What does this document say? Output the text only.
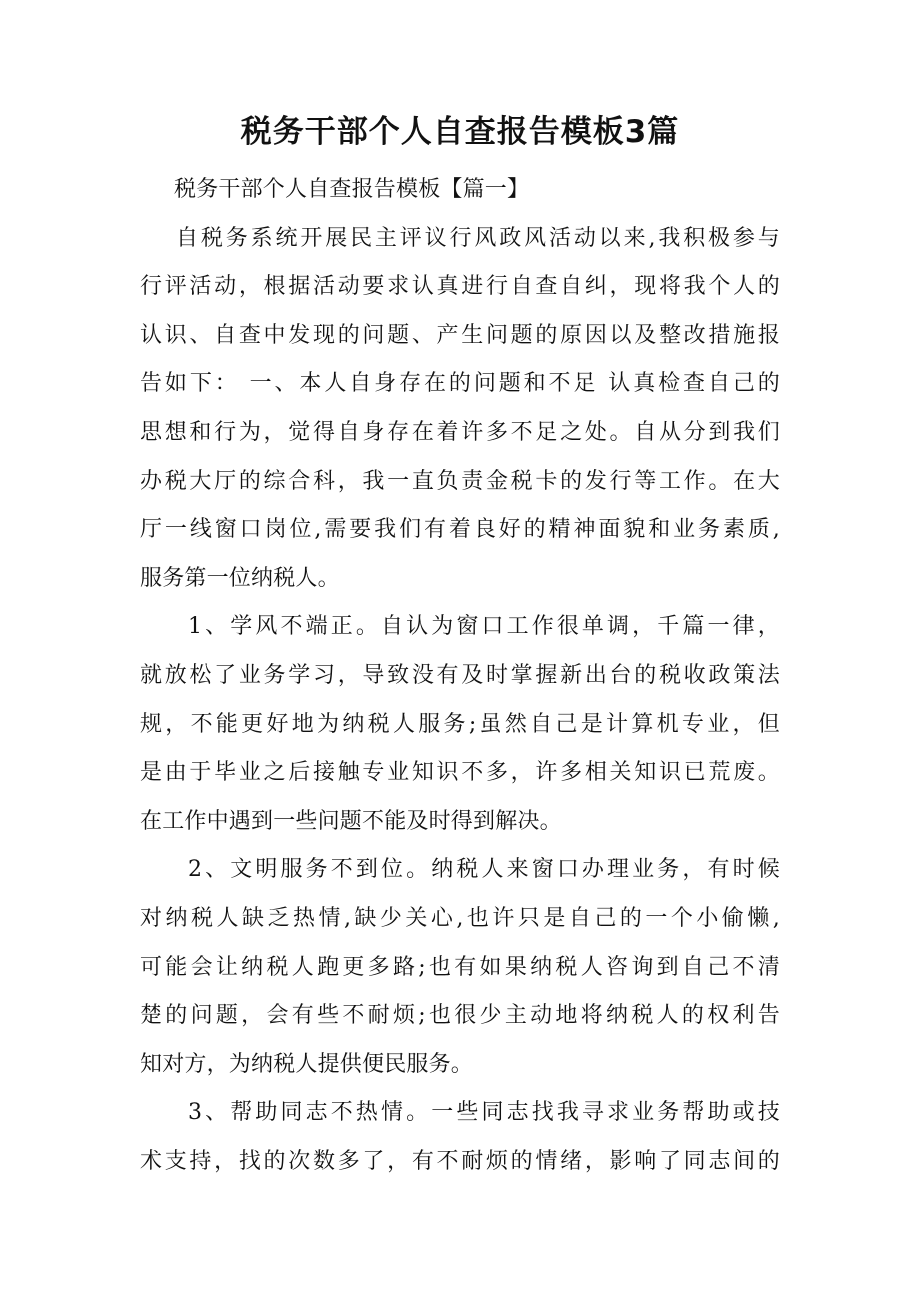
税务干部个人自查报告模板3篇
税务干部个人自查报告模板【篇一】
自税务系统开展民主评议行风政风活动以来,我积极参与
行评活动，根据活动要求认真进行自查自纠，现将我个人的
认识、自查中发现的问题、产生问题的原因以及整改措施报
告如下： 一、本人自身存在的问题和不足 认真检查自己的
思想和行为，觉得自身存在着许多不足之处。自从分到我们
办税大厅的综合科，我一直负责金税卡的发行等工作。在大
厅一线窗口岗位,需要我们有着良好的精神面貌和业务素质,
服务第一位纳税人。
1、学风不端正。自认为窗口工作很单调，千篇一律，
就放松了业务学习，导致没有及时掌握新出台的税收政策法
规，不能更好地为纳税人服务;虽然自己是计算机专业，但
是由于毕业之后接触专业知识不多，许多相关知识已荒废。
在工作中遇到一些问题不能及时得到解决。
2、文明服务不到位。纳税人来窗口办理业务，有时候
对纳税人缺乏热情,缺少关心,也许只是自己的一个小偷懒,
可能会让纳税人跑更多路;也有如果纳税人咨询到自己不清
楚的问题，会有些不耐烦;也很少主动地将纳税人的权利告
知对方，为纳税人提供便民服务。
3、帮助同志不热情。一些同志找我寻求业务帮助或技
术支持，找的次数多了，有不耐烦的情绪，影响了同志间的
